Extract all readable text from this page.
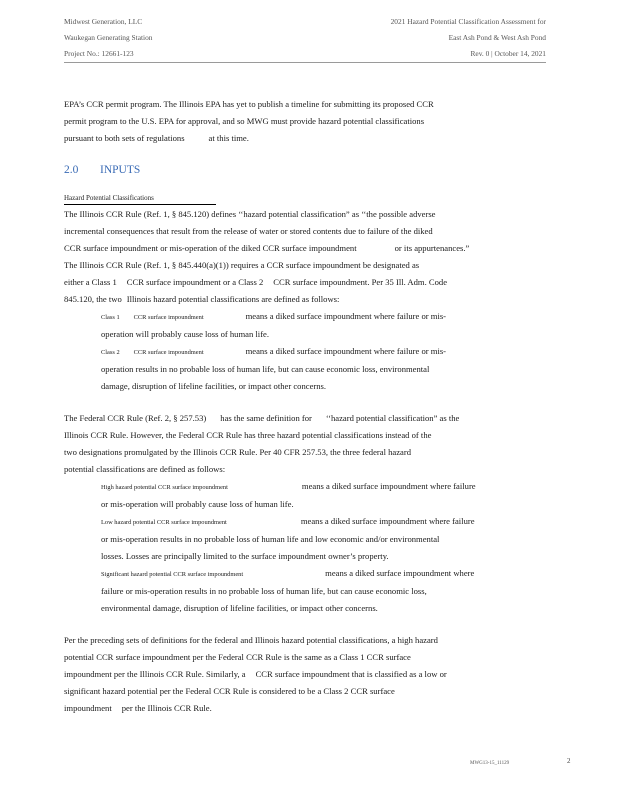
Midwest Generation, LLC
Waukegan Generating Station
Project No.: 12661-123
2021 Hazard Potential Classification Assessment for
East Ash Pond & West Ash Pond
Rev. 0 | October 14, 2021
EPA’s CCR permit program. The Illinois EPA has yet to publish a timeline for submitting its proposed CCR
permit program to the U.S. EPA for approval, and so MWG must provide hazard potential classifications
pursuant to both sets of regulations	at this time.
2.0 INPUTS
Hazard Potential Classifications
The Illinois CCR Rule (Ref. 1, § 845.120) defines ‘‘hazard potential classification” as ‘‘the possible adverse
incremental consequences that result from the release of water or stored contents due to failure of the diked
CCR surface impoundment or mis-operation of the diked CCR surface impoundment	or its appurtenances.”
The Illinois CCR Rule (Ref. 1, § 845.440(a)(1)) requires a CCR surface impoundment be designated as
either a Class 1 CCR surface impoundment or a Class 2 CCR surface impoundment. Per 35 Ill. Adm. Code
845.120, the two Illinois hazard potential classifications are defined as follows:
Class 1 CCR surface impoundment	means a diked surface impoundment where failure or mis-
operation will probably cause loss of human life.
Class 2 CCR surface impoundment	means a diked surface impoundment where failure or mis-
operation results in no probable loss of human life, but can cause economic loss, environmental
damage, disruption of lifeline facilities, or impact other concerns.
The Federal CCR Rule (Ref. 2, § 257.53) has the same definition for ‘‘hazard potential classification” as the
Illinois CCR Rule. However, the Federal CCR Rule has three hazard potential classifications instead of the
two designations promulgated by the Illinois CCR Rule. Per 40 CFR 257.53, the three federal hazard
potential classifications are defined as follows:
High hazard potential CCR surface impoundment	means a diked surface impoundment where failure
or mis-operation will probably cause loss of human life.
Low hazard potential CCR surface impoundment	means a diked surface impoundment where failure
or mis-operation results in no probable loss of human life and low economic and/or environmental
losses. Losses are principally limited to the surface impoundment owner’s property.
Significant hazard potential CCR surface impoundment	means a diked surface impoundment where
failure or mis-operation results in no probable loss of human life, but can cause economic loss,
environmental damage, disruption of lifeline facilities, or impact other concerns.
Per the preceding sets of definitions for the federal and Illinois hazard potential classifications, a high hazard
potential CCR surface impoundment per the Federal CCR Rule is the same as a Class 1 CCR surface
impoundment per the Illinois CCR Rule. Similarly, a CCR surface impoundment that is classified as a low or
significant hazard potential per the Federal CCR Rule is considered to be a Class 2 CCR surface
impoundment per the Illinois CCR Rule.
MWG13-15_11129	2
